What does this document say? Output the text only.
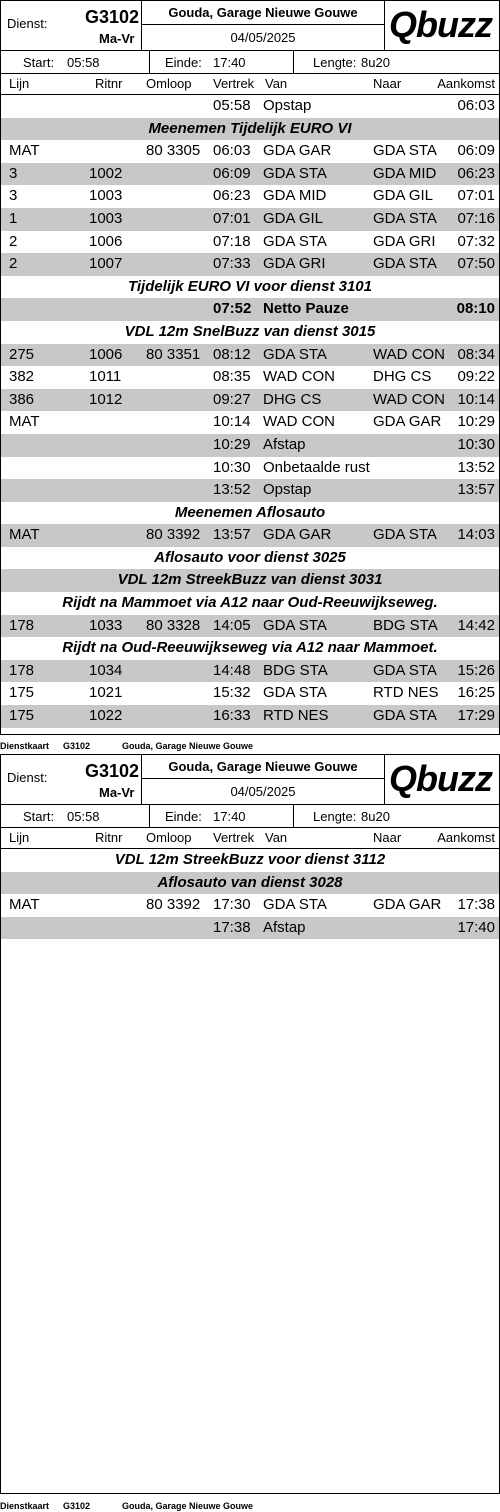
Dienst: G3102
Ma-Vr
Gouda, Garage Nieuwe Gouwe
04/05/2025	Qbuzz
Start: 05:58	Einde: 17:40	Lengte: 8u20
Lijn	Ritnr Omloop Vertrek Van	Naar	Aankomst
05:58 Opstap	06:03
Meenemen Tijdelijk EURO VI
MAT	80 3305 06:03 GDA GAR	GDA STA 06:09
3	1002	06:09 GDA STA	GDA MID 06:23
3	1003	06:23 GDA MID	GDA GIL 07:01
1	1003	07:01 GDA GIL	GDA STA 07:16
2	1006	07:18 GDA STA	GDA GRI 07:32
2	1007	07:33 GDA GRI	GDA STA 07:50
Tijdelijk EURO VI voor dienst 3101
07:52 Netto Pauze	08:10
VDL 12m SnelBuzz van dienst 3015
275	1006 80 3351 08:12 GDA STA	WAD CON 08:34
382	1011	08:35 WAD CON	DHG CS 09:22
386	1012	09:27 DHG CS	WAD CON 10:14
MAT	10:14 WAD CON	GDA GAR 10:29
10:29 Afstap	10:30
10:30 Onbetaalde rust	13:52
13:52 Opstap	13:57
Meenemen Aflosauto
MAT	80 3392 13:57 GDA GAR	GDA STA 14:03
Aflosauto voor dienst 3025
VDL 12m StreekBuzz van dienst 3031
Rijdt na Mammoet via A12 naar Oud-Reeuwijkseweg.
178	1033 80 3328 14:05 GDA STA	BDG STA 14:42
Rijdt na Oud-Reeuwijkseweg via A12 naar Mammoet.
178	1034	14:48 BDG STA	GDA STA 15:26
175	1021	15:32 GDA STA	RTD NES 16:25
175	1022	16:33 RTD NES	GDA STA 17:29
Dienstkaart G3102	Gouda, Garage Nieuwe Gouwe
Dienst: G3102
Ma-Vr
Gouda, Garage Nieuwe Gouwe
04/05/2025	Qbuzz
Start: 05:58	Einde: 17:40	Lengte: 8u20
Lijn	Ritnr Omloop Vertrek Van	Naar	Aankomst
VDL 12m StreekBuzz voor dienst 3112
Aflosauto van dienst 3028
MAT	80 3392 17:30 GDA STA	GDA GAR 17:38
17:38 Afstap	17:40
Dienstkaart G3102	Gouda, Garage Nieuwe Gouwe
